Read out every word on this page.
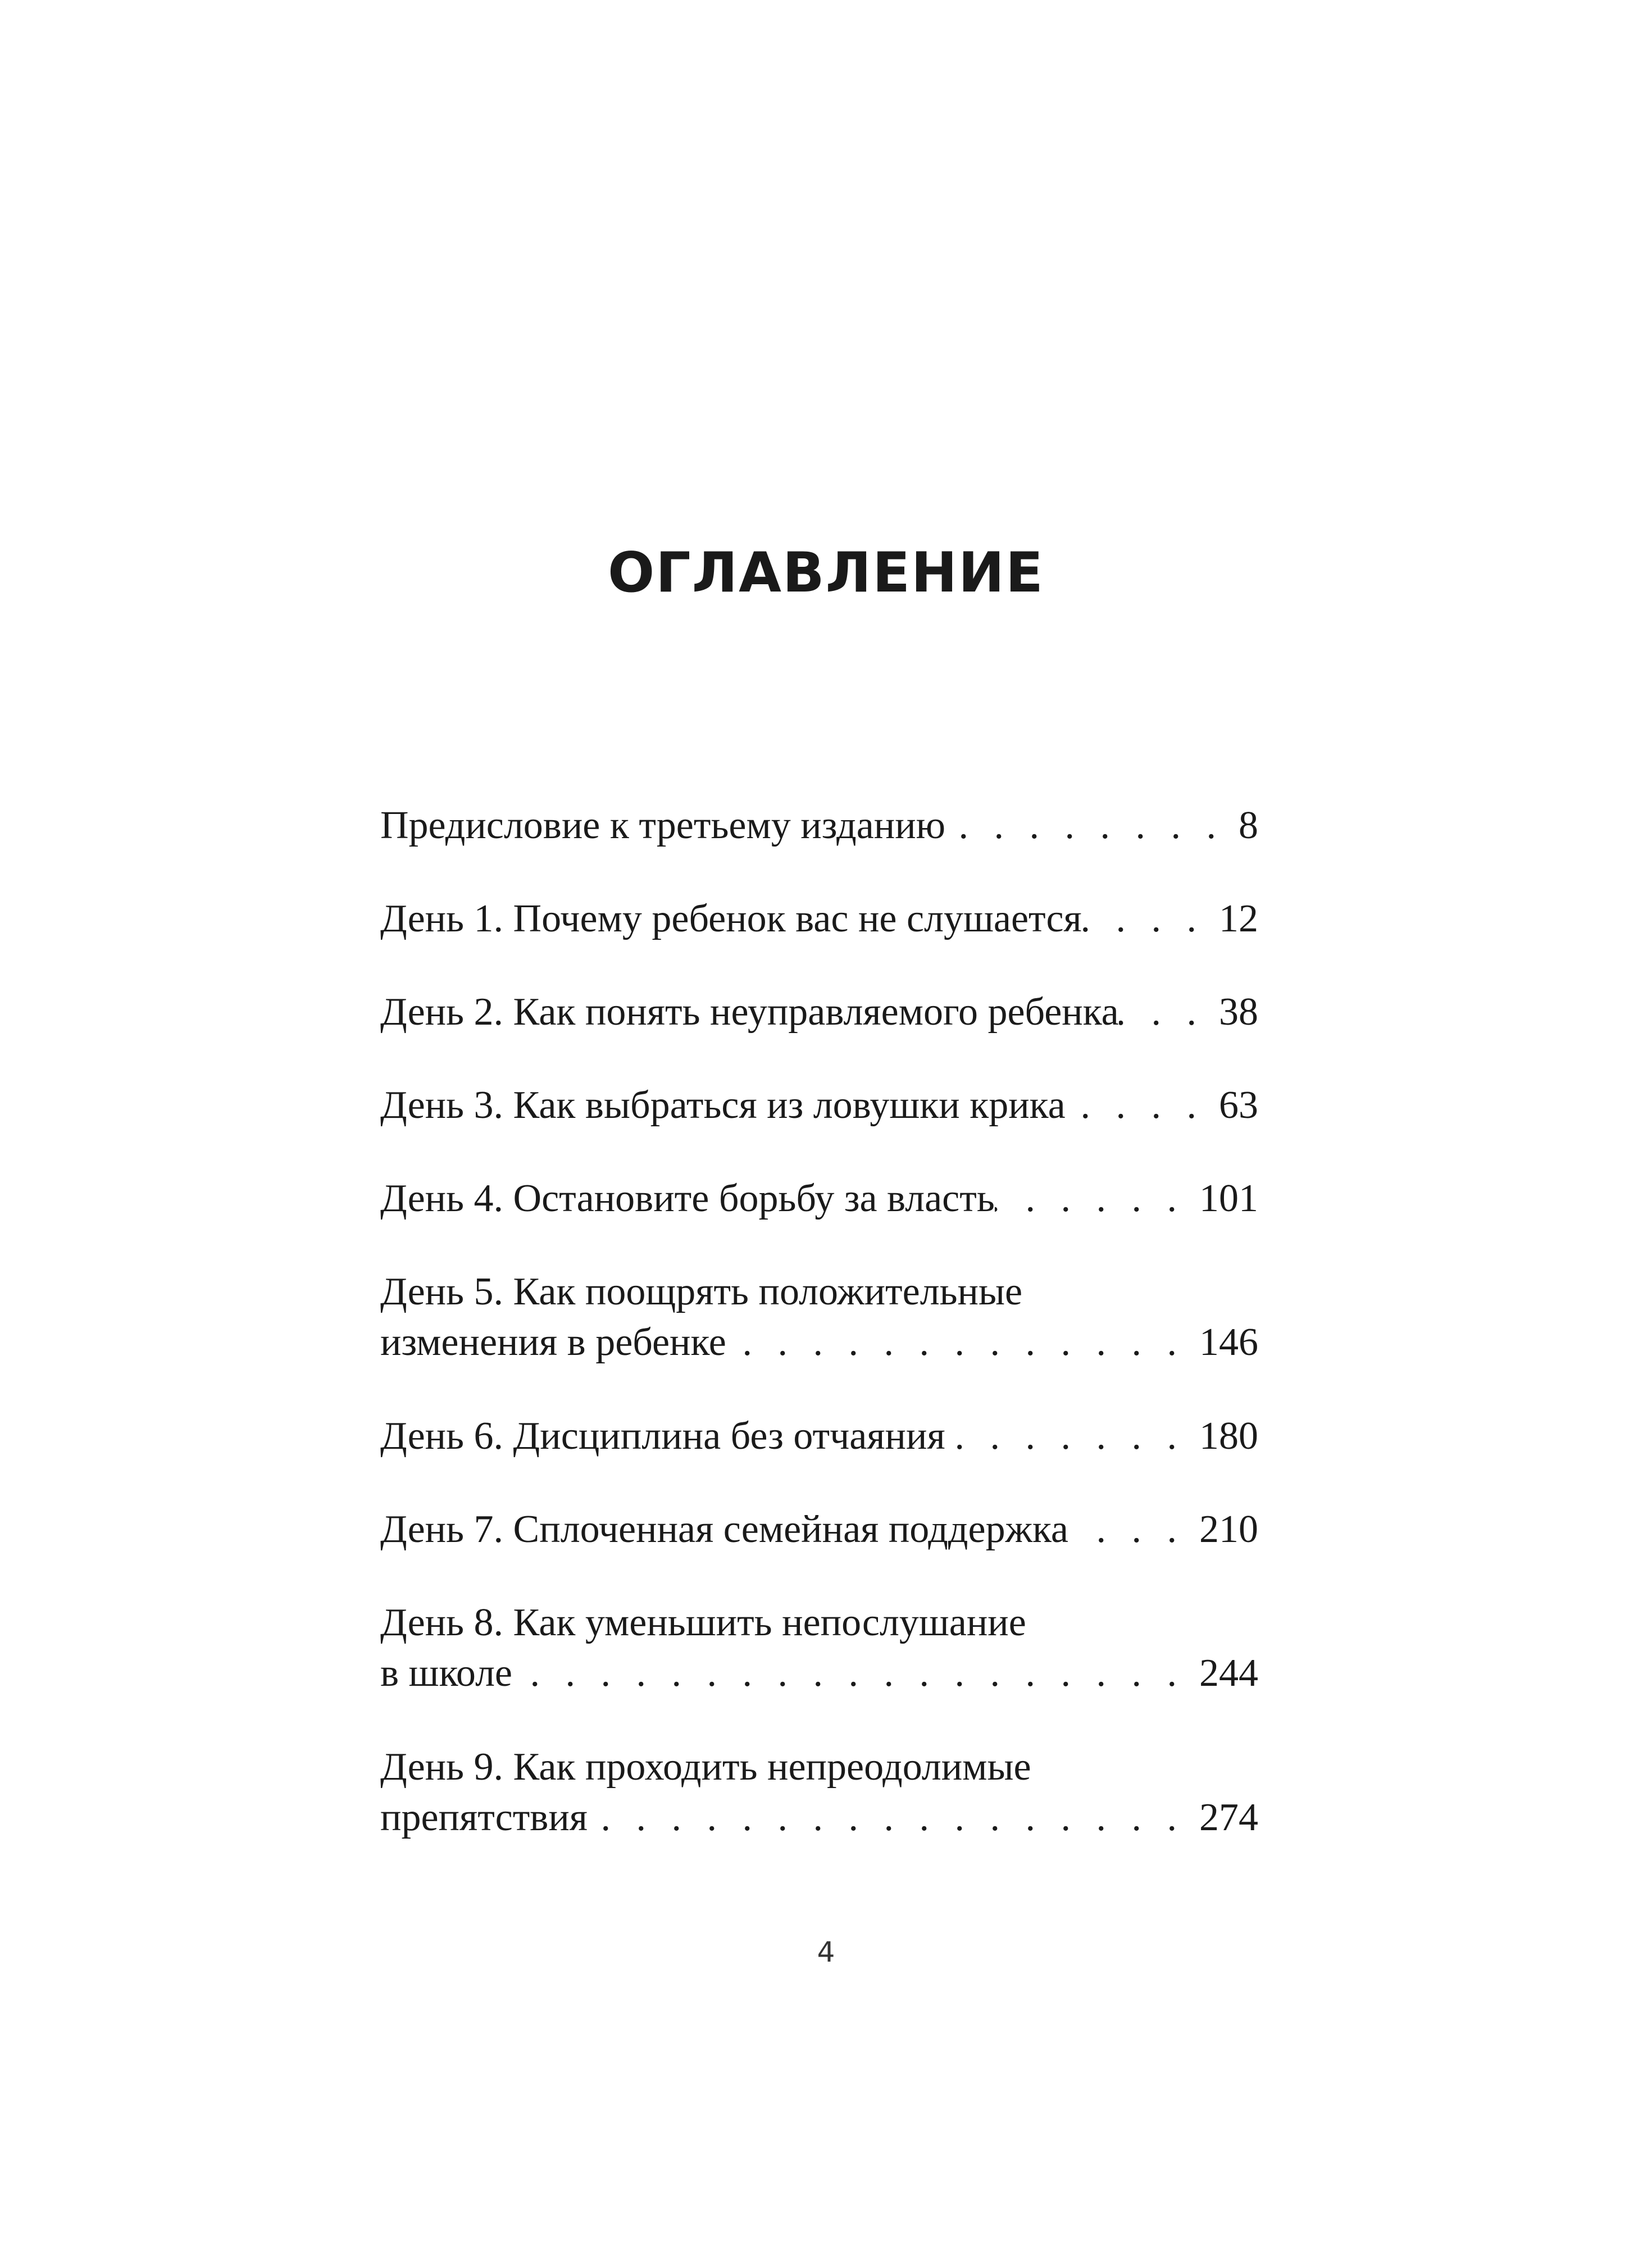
ОГЛАВЛЕНИЕ
Предисловие к третьему изданию . . .	8
День 1. Почему ребенок вас не слушается . . .	12
День 2. Как понять неуправляемого ребенка . . .	38
День 3. Как выбраться из ловушки крика . . .	63
День 4. Остановите борьбу за власть . . .	101
День 5. Как поощрять положительные
изменения в ребенке . . .	146
День 6. Дисциплина без отчаяния . . .	180
День 7. Сплоченная семейная поддержка . . .	210
День 8. Как уменьшить непослушание
в школе . . .	244
День 9. Как проходить непреодолимые
препятствия . . .	274
4
